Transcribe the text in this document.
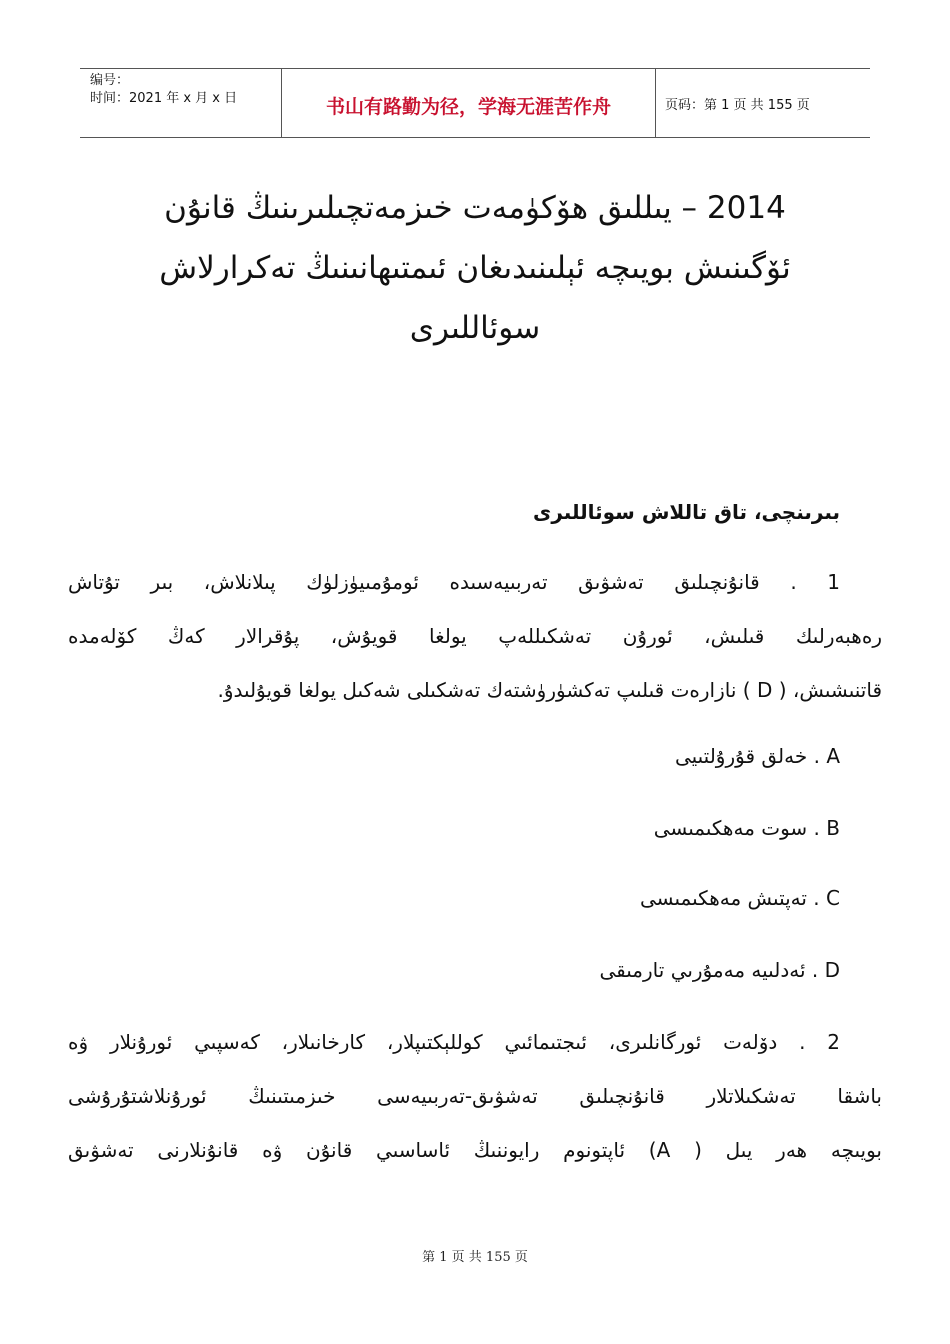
编号：
时间：2021 年 x 月 x 日	书山有路勤为径，学海无涯苦作舟	页码：第 1 页 共 155 页
2014 – يىللىق ھۆكۈمەت خىزمەتچىلىرىنىڭ قانۇن
ئۆگىنىش بويىچە ئېلىنىدىغان ئىمتىھانىنىڭ تەكرارلاش
سوئاللىرى
بىرىنچى، تاق تاللاش سوئاللىرى
1 . قانۇنچىلىق تەشۋىق تەربىيەسىدە ئومۇمىيۈزلۈك پىلانلاش، بىر تۇتاش
رەھبەرلىك قىلىش، ئورۇن تەشكىللەپ يولغا قويۇش، پۇقرالار كەڭ كۆلەمدە
قاتنىشىش، ( D ) نازارەت قىلىپ تەكشۈرۈشتەك تەشكىلى شەكىل يولغا قويۇلىدۇ.
A . خەلق قۇرۇلتىيى
B . سوت مەھكىمىسى
C . تەپتىش مەھكىمىسى
D . ئەدلىيە مەمۇرىي تارمىقى
2 . دۆلەت ئورگانلىرى، ئىجتىمائىي كوللېكتىپلار، كارخانىلار، كەسپىي ئورۇنلار ۋە
باشقا تەشكىلاتلار قانۇنچىلىق تەشۋىق-تەربىيەسى خىزمىتىنىڭ ئورۇنلاشتۇرۇشى
بويىچە ھەر يىل ( A) ئاپتونوم رايوننىڭ ئاساسىي قانۇن ۋە قانۇنلارنى تەشۋىق
第 1 页 共 155 页
